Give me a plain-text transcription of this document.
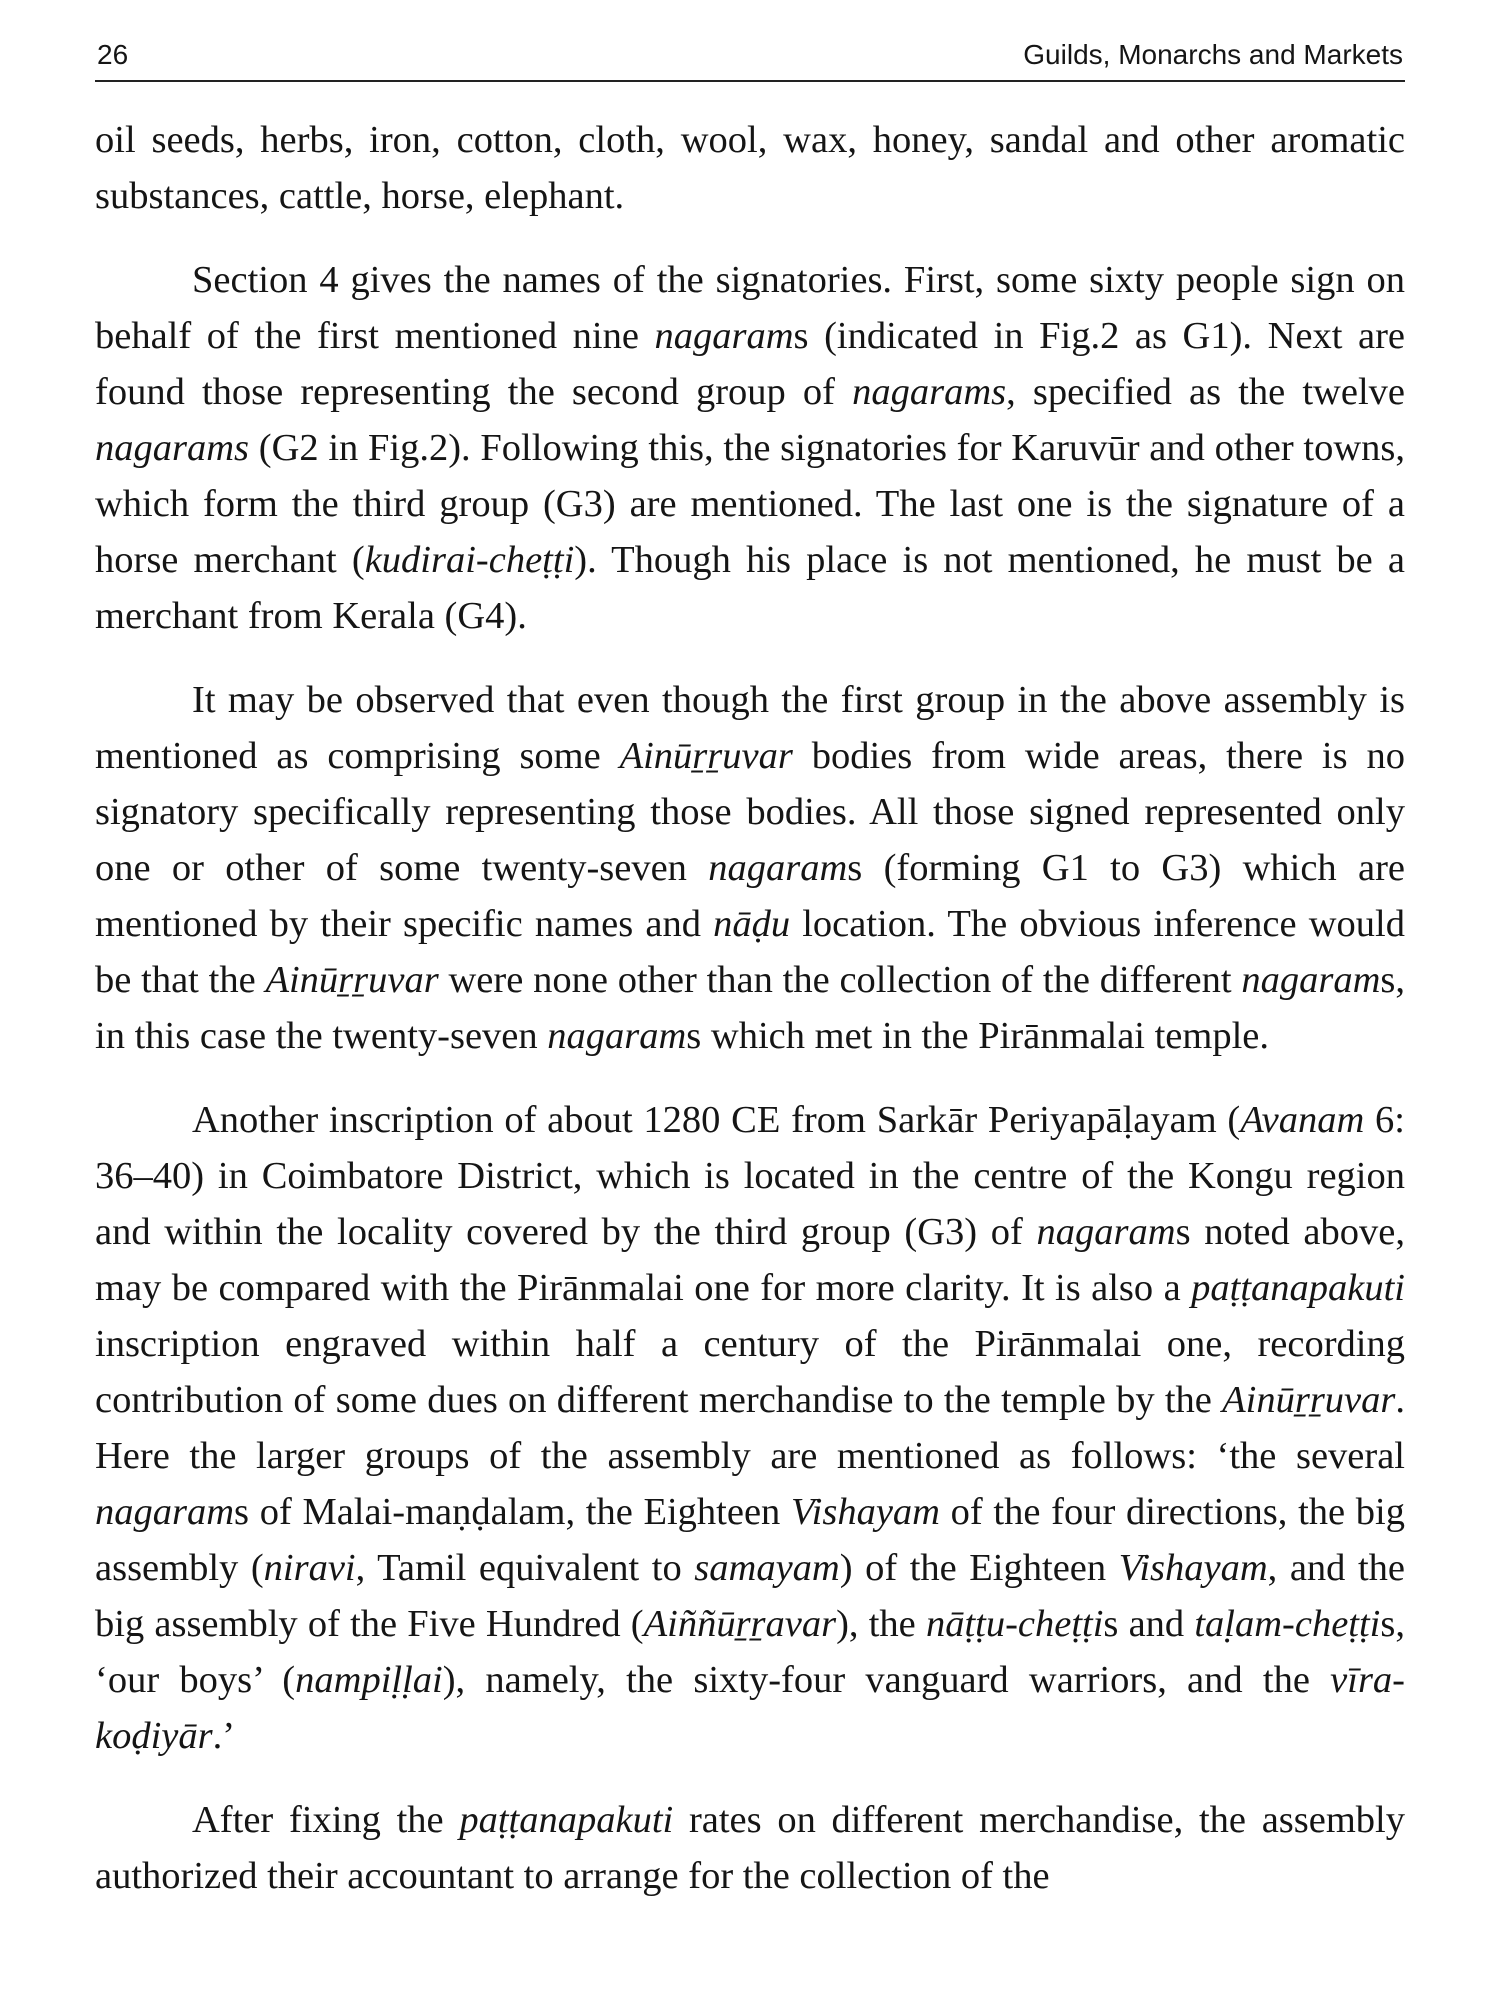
26	Guilds, Monarchs and Markets

oil seeds, herbs, iron, cotton, cloth, wool, wax, honey, sandal and other aromatic substances, cattle, horse, elephant.

Section 4 gives the names of the signatories. First, some sixty people sign on behalf of the first mentioned nine nagarams (indicated in Fig.2 as G1). Next are found those representing the second group of nagarams, specified as the twelve nagarams (G2 in Fig.2). Following this, the signatories for Karuvūr and other towns, which form the third group (G3) are mentioned. The last one is the signature of a horse merchant (kudirai-cheṭṭi). Though his place is not mentioned, he must be a merchant from Kerala (G4).

It may be observed that even though the first group in the above assembly is mentioned as comprising some Ainūṟṟuvar bodies from wide areas, there is no signatory specifically representing those bodies. All those signed represented only one or other of some twenty-seven nagarams (forming G1 to G3) which are mentioned by their specific names and nāḍu location. The obvious inference would be that the Ainūṟṟuvar were none other than the collection of the different nagarams, in this case the twenty-seven nagarams which met in the Pirānmalai temple.

Another inscription of about 1280 CE from Sarkār Periyapāḷayam (Avanam 6: 36–40) in Coimbatore District, which is located in the centre of the Kongu region and within the locality covered by the third group (G3) of nagarams noted above, may be compared with the Pirānmalai one for more clarity. It is also a paṭṭanapakuti inscription engraved within half a century of the Pirānmalai one, recording contribution of some dues on different merchandise to the temple by the Ainūṟṟuvar. Here the larger groups of the assembly are mentioned as follows: ‘the several nagarams of Malai-maṇḍalam, the Eighteen Vishayam of the four directions, the big assembly (niravi, Tamil equivalent to samayam) of the Eighteen Vishayam, and the big assembly of the Five Hundred (Aiññūṟṟavar), the nāṭṭu-cheṭṭis and taḷam-cheṭṭis, ‘our boys’ (nampiḷḷai), namely, the sixty-four vanguard warriors, and the vīra-koḍiyār.’

After fixing the paṭṭanapakuti rates on different merchandise, the assembly authorized their accountant to arrange for the collection of the
